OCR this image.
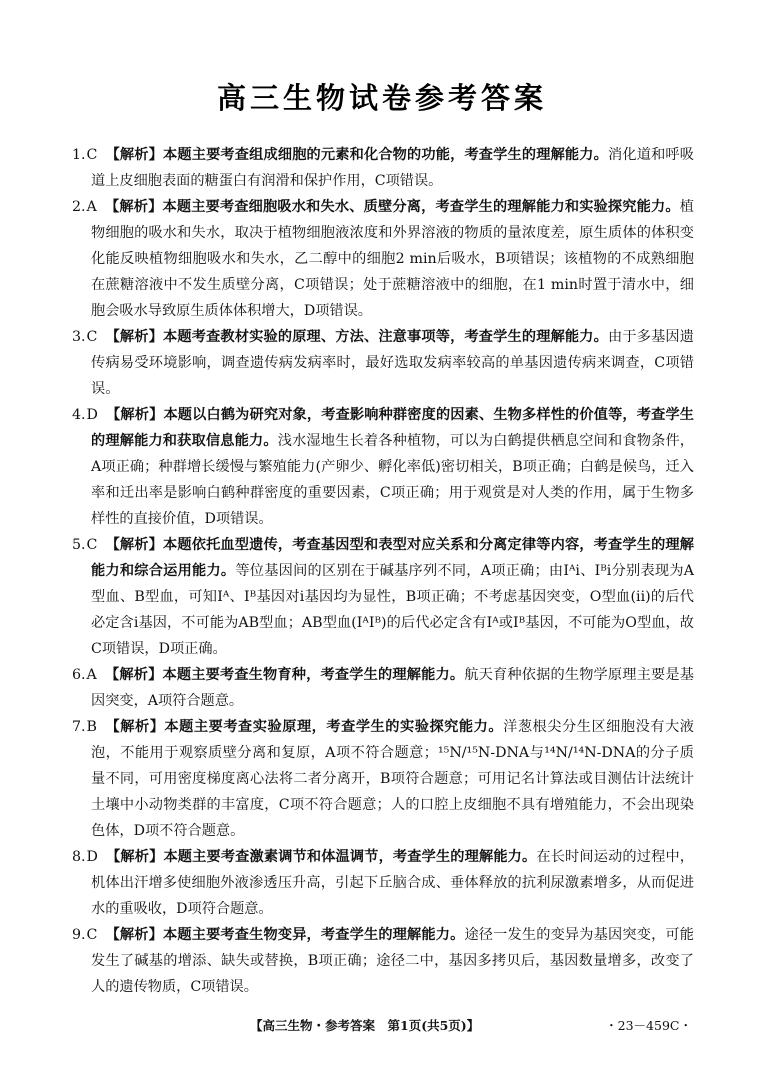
高三生物试卷参考答案

1.C 【解析】本题主要考查组成细胞的元素和化合物的功能，考查学生的理解能力。消化道和呼吸道上皮细胞表面的糖蛋白有润滑和保护作用，C项错误。

2.A 【解析】本题主要考查细胞吸水和失水、质壁分离，考查学生的理解能力和实验探究能力。植物细胞的吸水和失水，取决于植物细胞液浓度和外界溶液的物质的量浓度差，原生质体的体积变化能反映植物细胞吸水和失水，乙二醇中的细胞2 min后吸水，B项错误；该植物的不成熟细胞在蔗糖溶液中不发生质壁分离，C项错误；处于蔗糖溶液中的细胞，在1 min时置于清水中，细胞会吸水导致原生质体体积增大，D项错误。

3.C 【解析】本题考查教材实验的原理、方法、注意事项等，考查学生的理解能力。由于多基因遗传病易受环境影响，调查遗传病发病率时，最好选取发病率较高的单基因遗传病来调查，C项错误。

4.D 【解析】本题以白鹤为研究对象，考查影响种群密度的因素、生物多样性的价值等，考查学生的理解能力和获取信息能力。浅水湿地生长着各种植物，可以为白鹤提供栖息空间和食物条件，A项正确；种群增长缓慢与繁殖能力(产卵少、孵化率低)密切相关，B项正确；白鹤是候鸟，迁入率和迁出率是影响白鹤种群密度的重要因素，C项正确；用于观赏是对人类的作用，属于生物多样性的直接价值，D项错误。

5.C 【解析】本题依托血型遗传，考查基因型和表型对应关系和分离定律等内容，考查学生的理解能力和综合运用能力。等位基因间的区别在于碱基序列不同，A项正确；由Iᴬi、Iᴮi分别表现为A型血、B型血，可知Iᴬ、Iᴮ基因对i基因均为显性，B项正确；不考虑基因突变，O型血(ii)的后代必定含i基因，不可能为AB型血；AB型血(IᴬIᴮ)的后代必定含有Iᴬ或Iᴮ基因，不可能为O型血，故C项错误，D项正确。

6.A 【解析】本题主要考查生物育种，考查学生的理解能力。航天育种依据的生物学原理主要是基因突变，A项符合题意。

7.B 【解析】本题主要考查实验原理，考查学生的实验探究能力。洋葱根尖分生区细胞没有大液泡，不能用于观察质壁分离和复原，A项不符合题意；¹⁵N/¹⁵N-DNA与¹⁴N/¹⁴N-DNA的分子质量不同，可用密度梯度离心法将二者分离开，B项符合题意；可用记名计算法或目测估计法统计土壤中小动物类群的丰富度，C项不符合题意；人的口腔上皮细胞不具有增殖能力，不会出现染色体，D项不符合题意。

8.D 【解析】本题主要考查激素调节和体温调节，考查学生的理解能力。在长时间运动的过程中，机体出汗增多使细胞外液渗透压升高，引起下丘脑合成、垂体释放的抗利尿激素增多，从而促进水的重吸收，D项符合题意。

9.C 【解析】本题主要考查生物变异，考查学生的理解能力。途径一发生的变异为基因突变，可能发生了碱基的增添、缺失或替换，B项正确；途径二中，基因多拷贝后，基因数量增多，改变了人的遗传物质，C项错误。

【高三生物・参考答案　第1页(共5页)】	・23－459C・
